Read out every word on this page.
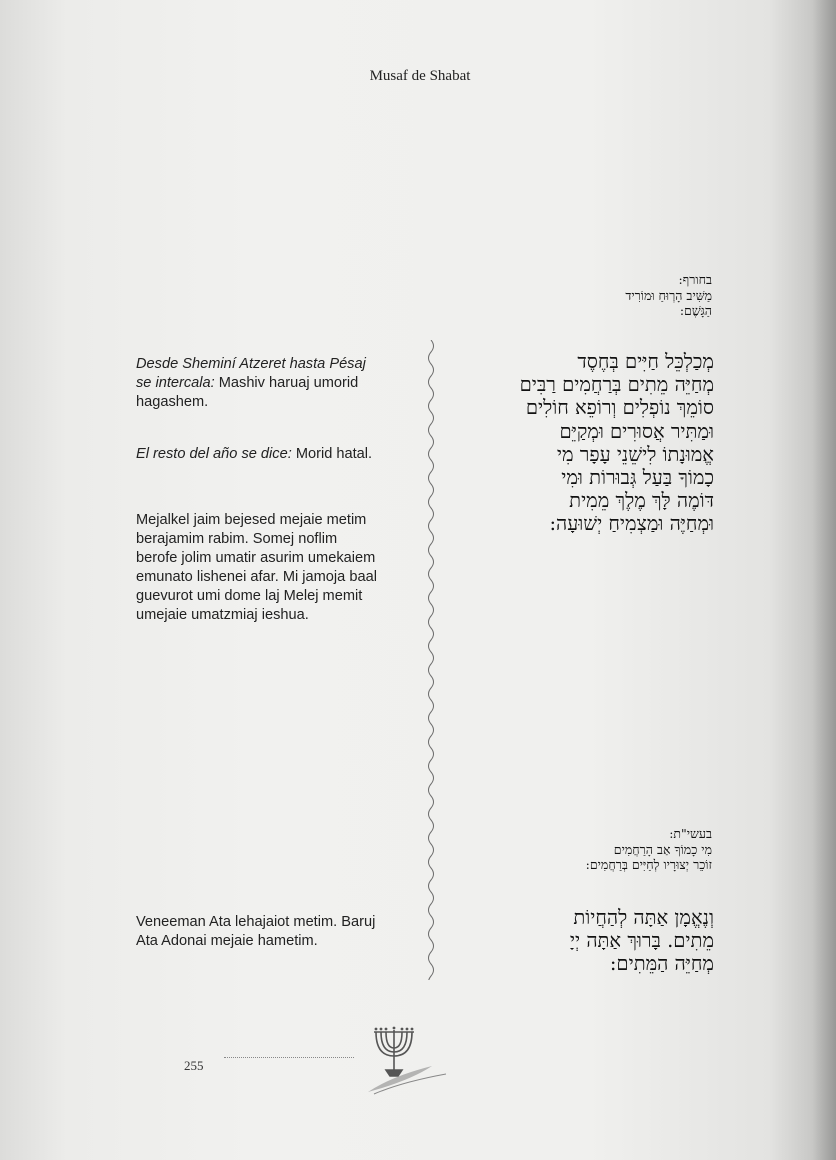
Musaf de Shabat
בחורף:
מַשִּׁיב הָרְוּחַ וּמוֹרִיד
הַגָּשֶׁם:
מְכַלְכֵּל חַיִּים בְּחֶסֶד
מְחַיֵּה מֵתִים בְּרַחֲמִים רַבִּים
סוֹמֵךְ נוֹפְלִים וְרוֹפֵא חוֹלִים
וּמַתִּיר אֲסוּרִים וּמְקַיֵּם
אֱמוּנָתוֹ לִישֵׁנֵי עָפָר מִי
כָמוֹךָ בַּעַל גְּבוּרוֹת וּמִי
דּוֹמֶה לָּךְ מֶלֶךְ מֵמִית
וּמְחַיֶּה וּמַצְמִיחַ יְשׁוּעָה:
בעשי"ת:
מִי כָמוֹךָ אַב הָרַחֲמִים
זוֹכֵר יְצוּרָיו לְחַיִּים בְּרַחֲמִים:
וְנֶאֱמָן אַתָּה לְהַחֲיוֹת
מֵתִים. בָּרוּךְ אַתָּה יְיָ
מְחַיֵּה הַמֵּתִים:

Desde Sheminí Atzeret hasta Pésaj se intercala: Mashiv haruaj umorid hagashem.

El resto del año se dice: Morid hatal.

Mejalkel jaim bejesed mejaie metim berajamim rabim. Somej noflim berofe jolim umatir asurim umekaiem emunato lishenei afar. Mi jamoja baal guevurot umi dome laj Melej memit umejaie umatzmiaj ieshua.

Veneeman Ata lehajaiot metim. Baruj Ata Adonai mejaie hametim.

255
